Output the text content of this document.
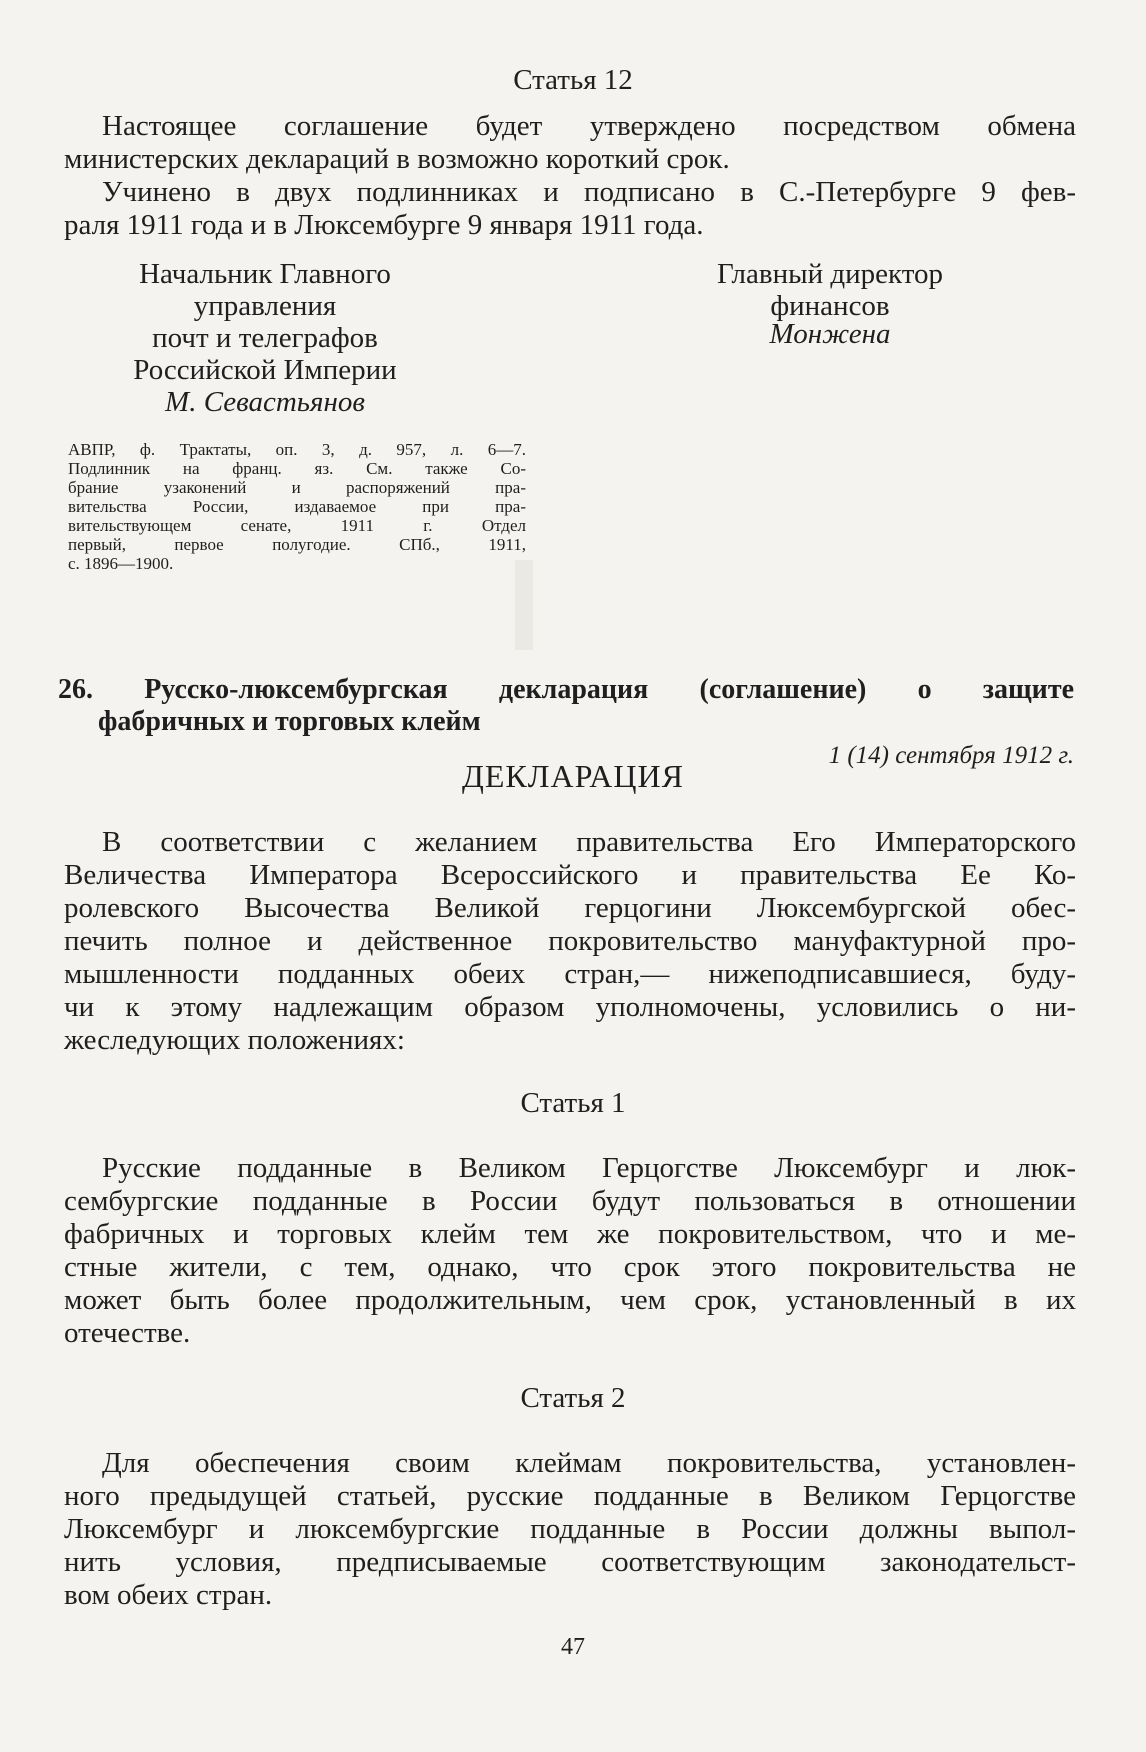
Статья 12
Настоящее соглашение будет утверждено посредством обмена
министерских деклараций в возможно короткий срок.
Учинено в двух подлинниках и подписано в С.-Петербурге 9 фев-
раля 1911 года и в Люксембурге 9 января 1911 года.
Начальник Главного
управления
почт и телеграфов
Российской Империи
М. Севастьянов
Главный директор
финансов
Монжена
АВПР, ф. Трактаты, оп. 3, д. 957, л. 6—7.
Подлинник на франц. яз. См. также Со-
брание узаконений и распоряжений пра-
вительства России, издаваемое при пра-
вительствующем сенате, 1911 г. Отдел
первый, первое полугодие. СПб., 1911,
с. 1896—1900.
26. Русско-люксембургская декларация (соглашение) о защите
фабричных и торговых клейм
1 (14) сентября 1912 г.
ДЕКЛАРАЦИЯ
В соответствии с желанием правительства Его Императорского
Величества Императора Всероссийского и правительства Ее Ко-
ролевского Высочества Великой герцогини Люксембургской обес-
печить полное и действенное покровительство мануфактурной про-
мышленности подданных обеих стран,— нижеподписавшиеся, буду-
чи к этому надлежащим образом уполномочены, условились о ни-
жеследующих положениях:
Статья 1
Русские подданные в Великом Герцогстве Люксембург и люк-
сембургские подданные в России будут пользоваться в отношении
фабричных и торговых клейм тем же покровительством, что и ме-
стные жители, с тем, однако, что срок этого покровительства не
может быть более продолжительным, чем срок, установленный в их
отечестве.
Статья 2
Для обеспечения своим клеймам покровительства, установлен-
ного предыдущей статьей, русские подданные в Великом Герцогстве
Люксембург и люксембургские подданные в России должны выпол-
нить условия, предписываемые соответствующим законодательст-
вом обеих стран.
47
